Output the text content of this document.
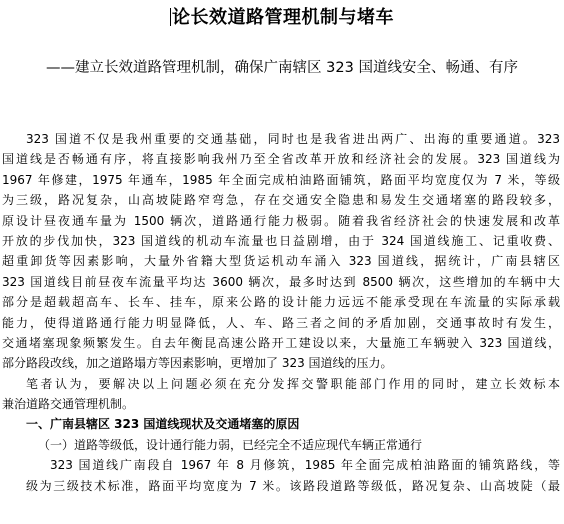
论长效道路管理机制与堵车
——建立长效道路管理机制，确保广南辖区 323 国道线安全、畅通、有序
323 国道不仅是我州重要的交通基础，同时也是我省进出两广、出海的重要通道。323
国道线是否畅通有序，将直接影响我州乃至全省改革开放和经济社会的发展。323 国道线为
1967 年修建，1975 年通车，1985 年全面完成柏油路面铺筑，路面平均宽度仅为 7 米，等级
为三级，路况复杂，山高坡陡路窄弯急，存在交通安全隐患和易发生交通堵塞的路段较多，
原设计昼夜通车量为 1500 辆次，道路通行能力极弱。随着我省经济社会的快速发展和改革
开放的步伐加快，323 国道线的机动车流量也日益剧增，由于 324 国道线施工、记重收费、
超重卸货等因素影响，大量外省籍大型货运机动车涌入 323 国道线，据统计，广南县辖区
323 国道线目前昼夜车流量平均达 3600 辆次，最多时达到 8500 辆次，这些增加的车辆中大
部分是超载超高车、长车、挂车，原来公路的设计能力远远不能承受现在车流量的实际承载
能力，使得道路通行能力明显降低，人、车、路三者之间的矛盾加剧，交通事故时有发生，
交通堵塞现象频繁发生。自去年衡昆高速公路开工建设以来，大量施工车辆驶入 323 国道线，
部分路段改线，加之道路塌方等因素影响，更增加了 323 国道线的压力。
笔者认为，要解决以上问题必须在充分发挥交警职能部门作用的同时，建立长效标本
兼治道路交通管理机制。
一、广南县辖区 323 国道线现状及交通堵塞的原因
（一）道路等级低，设计通行能力弱，已经完全不适应现代车辆正常通行
323 国道线广南段自 1967 年 8 月修筑，1985 年全面完成柏油路面的铺筑路线，等
级为三级技术标准，路面平均宽度为 7 米。该路段道路等级低，路况复杂、山高坡陡（最
